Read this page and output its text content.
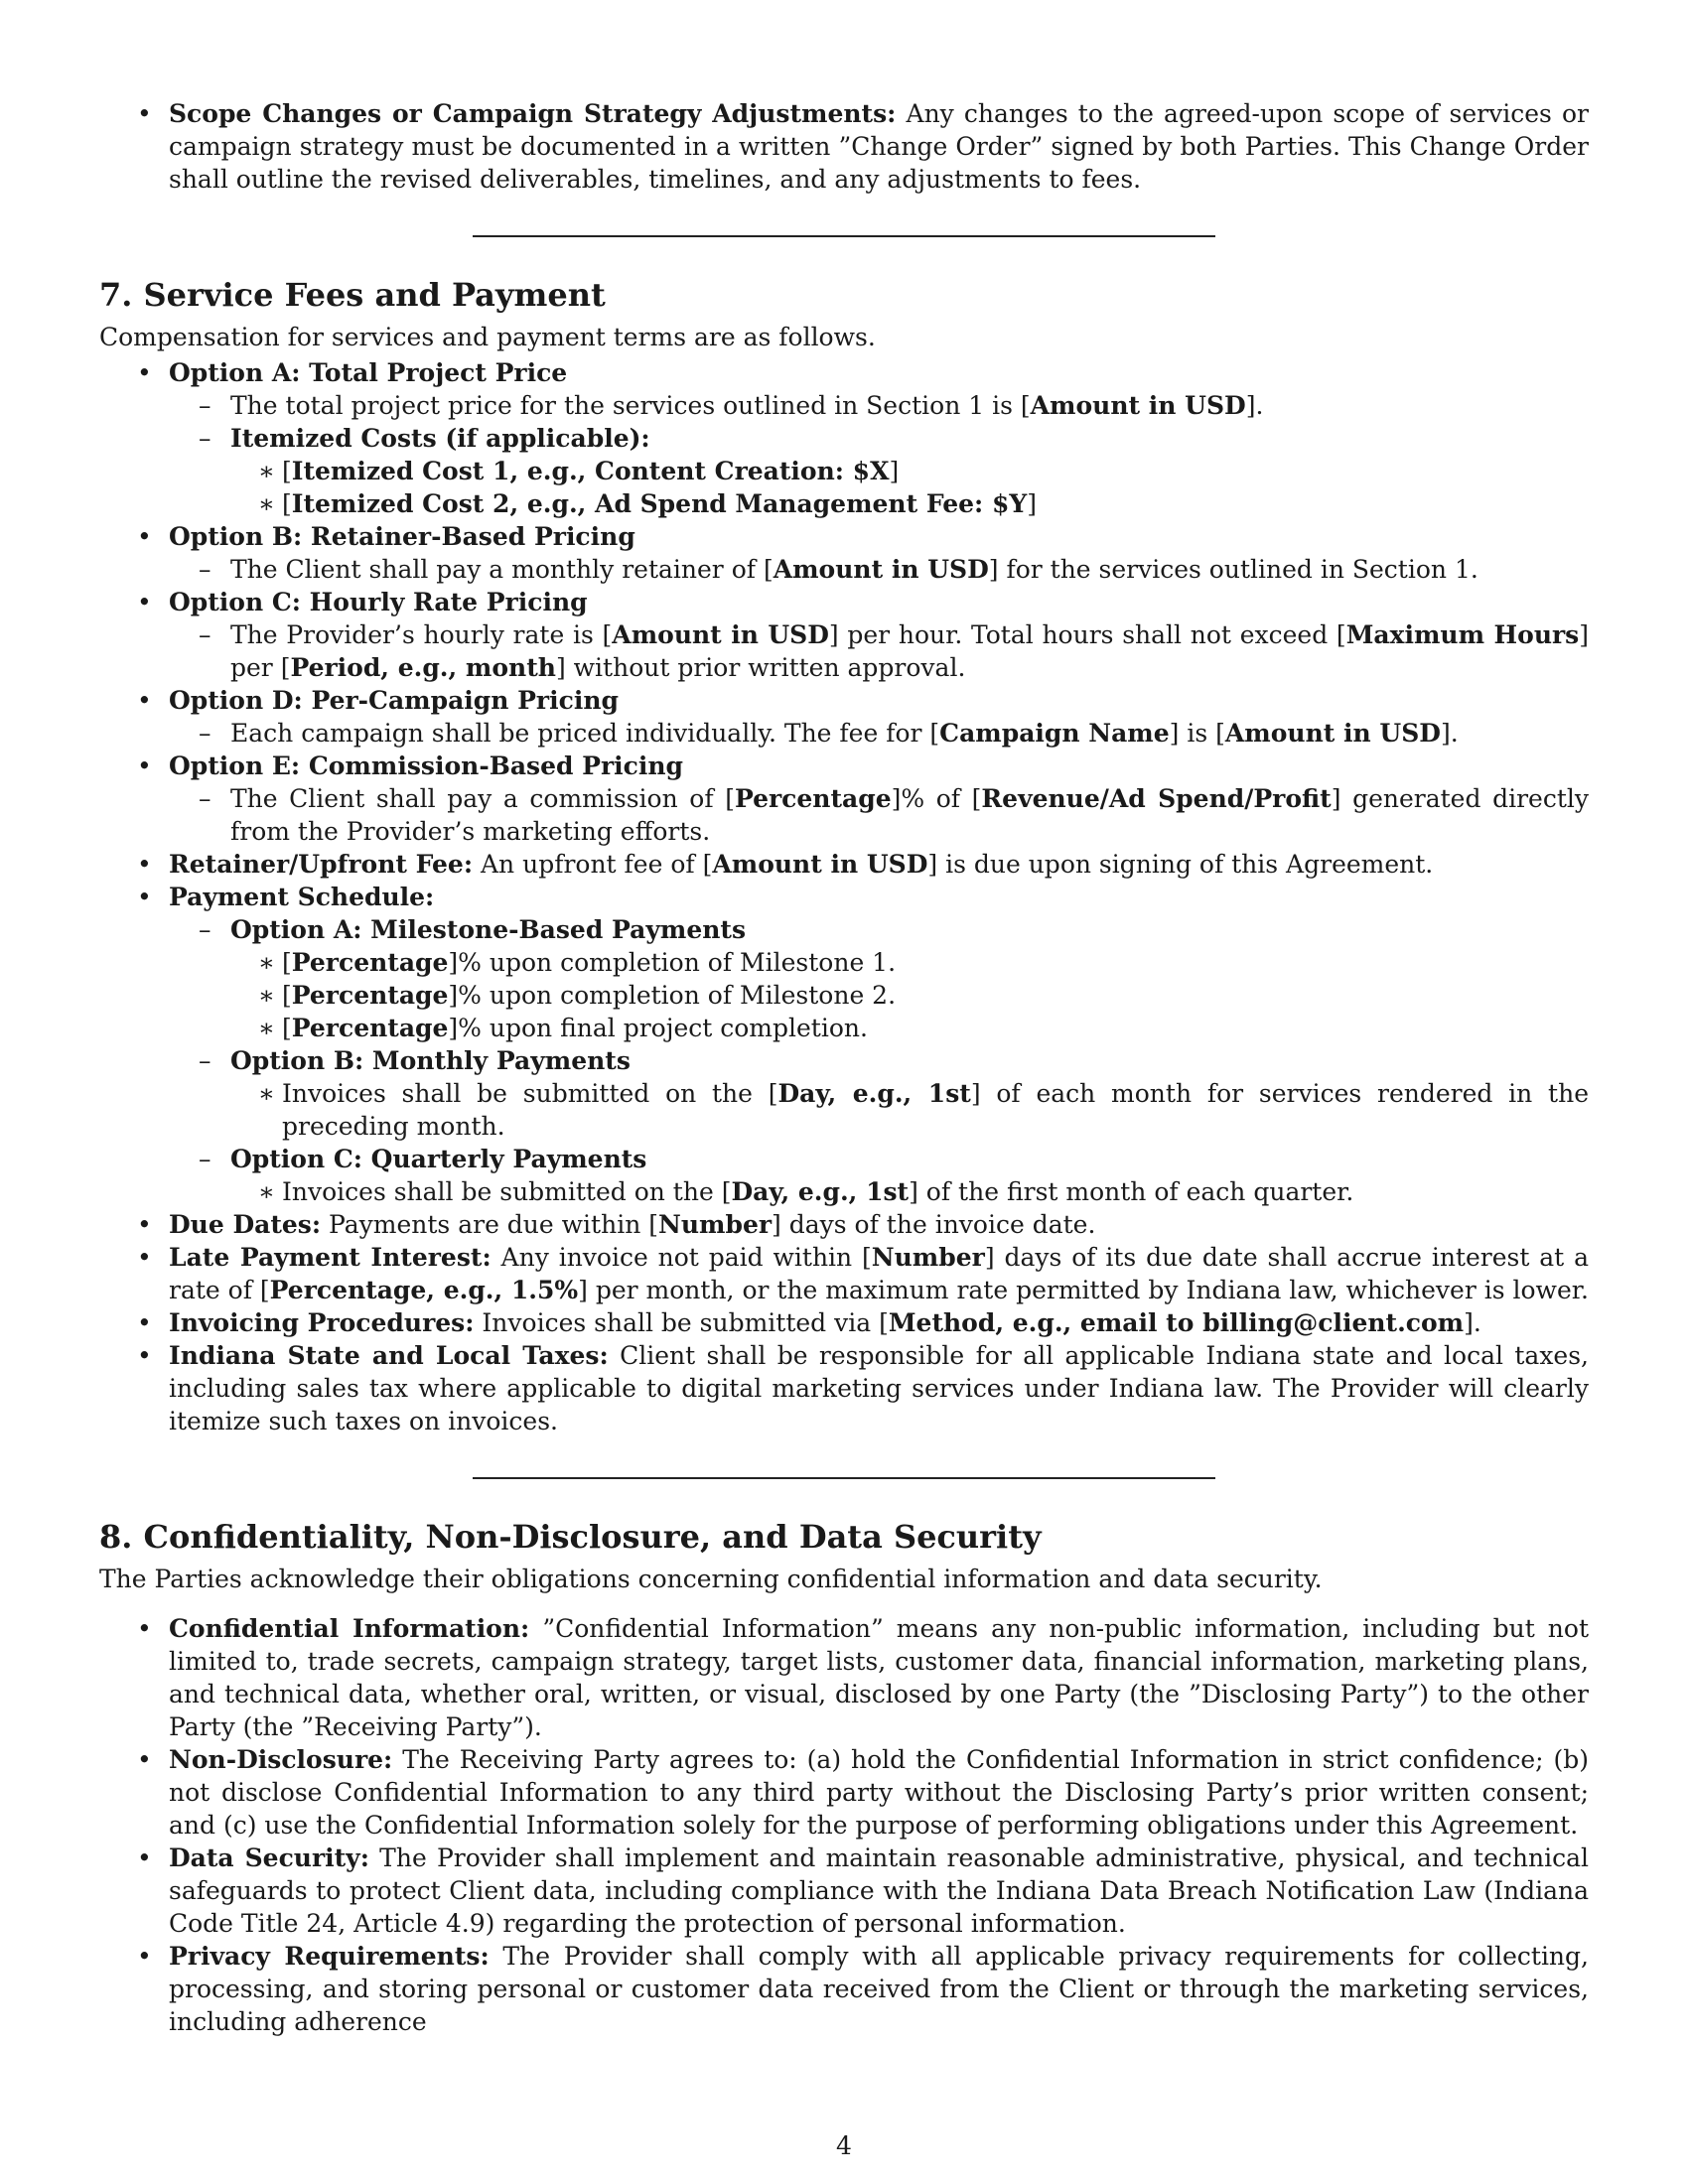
• Scope Changes or Campaign Strategy Adjustments: Any changes to the agreed-upon scope of services or campaign strategy must be documented in a written ”Change Order” signed by both Parties. This Change Order shall outline the revised deliverables, timelines, and any adjustments to fees.
7. Service Fees and Payment

Compensation for services and payment terms are as follows.

• Option A: Total Project Price
– The total project price for the services outlined in Section 1 is [Amount in USD].
– Itemized Costs (if applicable):
∗ [Itemized Cost 1, e.g., Content Creation: $X]
∗ [Itemized Cost 2, e.g., Ad Spend Management Fee: $Y]
• Option B: Retainer-Based Pricing
– The Client shall pay a monthly retainer of [Amount in USD] for the services outlined in Section 1.
• Option C: Hourly Rate Pricing
– The Provider’s hourly rate is [Amount in USD] per hour. Total hours shall not exceed [Maximum Hours] per [Period, e.g., month] without prior written approval.
• Option D: Per-Campaign Pricing
– Each campaign shall be priced individually. The fee for [Campaign Name] is [Amount in USD].
• Option E: Commission-Based Pricing
– The Client shall pay a commission of [Percentage]% of [Revenue/Ad Spend/Profit] generated directly from the Provider’s marketing efforts.
• Retainer/Upfront Fee: An upfront fee of [Amount in USD] is due upon signing of this Agreement.
• Payment Schedule:
– Option A: Milestone-Based Payments
∗ [Percentage]% upon completion of Milestone 1.
∗ [Percentage]% upon completion of Milestone 2.
∗ [Percentage]% upon final project completion.
– Option B: Monthly Payments
∗ Invoices shall be submitted on the [Day, e.g., 1st] of each month for services rendered in the preceding month.
– Option C: Quarterly Payments
∗ Invoices shall be submitted on the [Day, e.g., 1st] of the first month of each quarter.
• Due Dates: Payments are due within [Number] days of the invoice date.
• Late Payment Interest: Any invoice not paid within [Number] days of its due date shall accrue interest at a rate of [Percentage, e.g., 1.5%] per month, or the maximum rate permitted by Indiana law, whichever is lower.
• Invoicing Procedures: Invoices shall be submitted via [Method, e.g., email to billing@client.com].
• Indiana State and Local Taxes: Client shall be responsible for all applicable Indiana state and local taxes, including sales tax where applicable to digital marketing services under Indiana law. The Provider will clearly itemize such taxes on invoices.
8. Confidentiality, Non-Disclosure, and Data Security

The Parties acknowledge their obligations concerning confidential information and data security.

• Confidential Information: ”Confidential Information” means any non-public information, including but not limited to, trade secrets, campaign strategy, target lists, customer data, financial information, marketing plans, and technical data, whether oral, written, or visual, disclosed by one Party (the ”Disclosing Party”) to the other Party (the ”Receiving Party”).
• Non-Disclosure: The Receiving Party agrees to: (a) hold the Confidential Information in strict confidence; (b) not disclose Confidential Information to any third party without the Disclosing Party’s prior written consent; and (c) use the Confidential Information solely for the purpose of performing obligations under this Agreement.
• Data Security: The Provider shall implement and maintain reasonable administrative, physical, and technical safeguards to protect Client data, including compliance with the Indiana Data Breach Notification Law (Indiana Code Title 24, Article 4.9) regarding the protection of personal information.
• Privacy Requirements: The Provider shall comply with all applicable privacy requirements for collecting, processing, and storing personal or customer data received from the Client or through the marketing services, including adherence
4
